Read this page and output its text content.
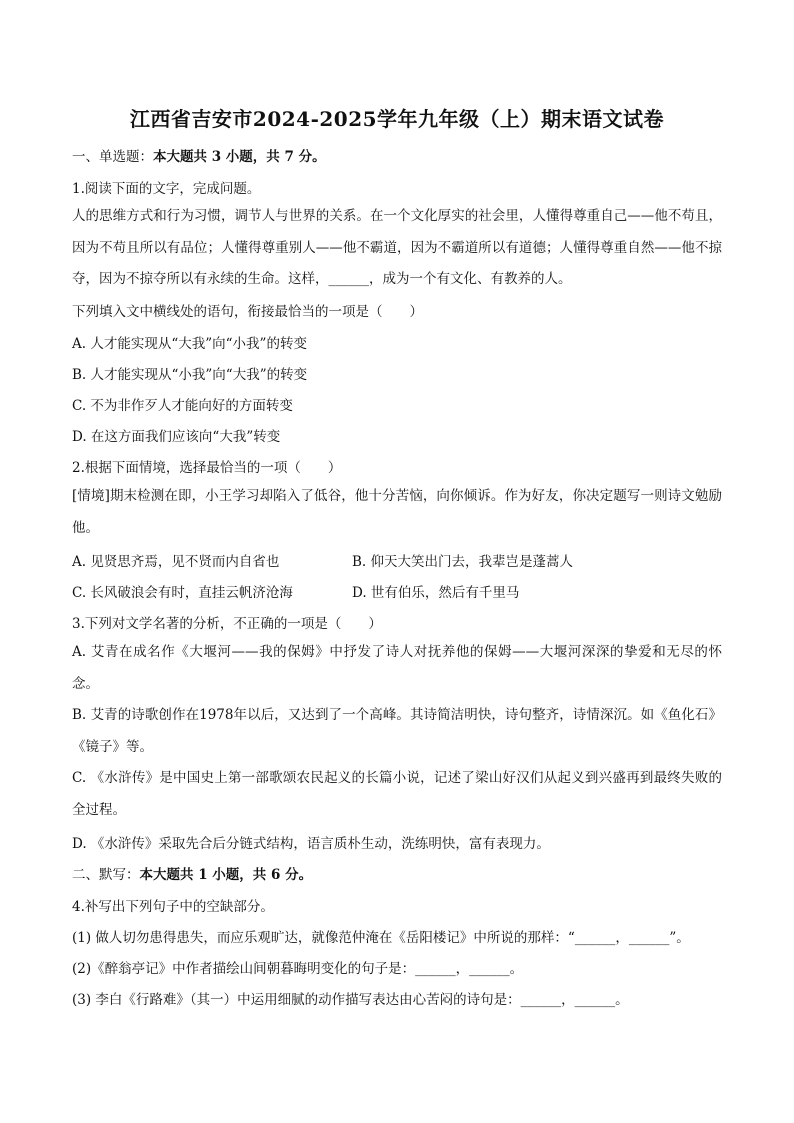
江西省吉安市2024-2025学年九年级（上）期末语文试卷
一、单选题：本大题共 3 小题，共 7 分。
1.阅读下面的文字，完成问题。
人的思维方式和行为习惯，调节人与世界的关系。在一个文化厚实的社会里，人懂得尊重自己——他不苟且，因为不苟且所以有品位；人懂得尊重别人——他不霸道，因为不霸道所以有道德；人懂得尊重自然——他不掠夺，因为不掠夺所以有永续的生命。这样，______，成为一个有文化、有教养的人。
下列填入文中横线处的语句，衔接最恰当的一项是（　　）
A. 人才能实现从“大我”向“小我”的转变
B. 人才能实现从“小我”向“大我”的转变
C. 不为非作歹人才能向好的方面转变
D. 在这方面我们应该向“大我”转变
2.根据下面情境，选择最恰当的一项（　　）
[情境]期末检测在即，小王学习却陷入了低谷，他十分苦恼，向你倾诉。作为好友，你决定题写一则诗文勉励他。
A. 见贤思齐焉，见不贤而内自省也	B. 仰天大笑出门去，我辈岂是蓬蒿人
C. 长风破浪会有时，直挂云帆济沧海	D. 世有伯乐，然后有千里马
3.下列对文学名著的分析，不正确的一项是（　　）
A. 艾青在成名作《大堰河——我的保姆》中抒发了诗人对抚养他的保姆——大堰河深深的挚爱和无尽的怀念。
B. 艾青的诗歌创作在1978年以后，又达到了一个高峰。其诗简洁明快，诗句整齐，诗情深沉。如《鱼化石》《镜子》等。
C. 《水浒传》是中国史上第一部歌颂农民起义的长篇小说，记述了梁山好汉们从起义到兴盛再到最终失败的全过程。
D. 《水浒传》采取先合后分链式结构，语言质朴生动，洗练明快，富有表现力。
二、默写：本大题共 1 小题，共 6 分。
4.补写出下列句子中的空缺部分。
(1) 做人切勿患得患失，而应乐观旷达，就像范仲淹在《岳阳楼记》中所说的那样：“______，______”。
(2)《醉翁亭记》中作者描绘山间朝暮晦明变化的句子是：______，______。
(3) 李白《行路难》（其一）中运用细腻的动作描写表达由心苦闷的诗句是：______，______。
